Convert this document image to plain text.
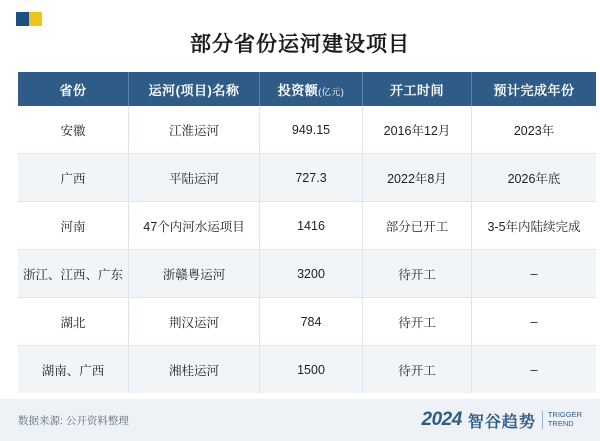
部分省份运河建设项目
省份	运河(项目)名称	投资额(亿元)	开工时间	预计完成年份
安徽	江淮运河	949.15	2016年12月	2023年
广西	平陆运河	727.3	2022年8月	2026年底
河南	47个内河水运项目	1416	部分已开工	3-5年内陆续完成
浙江、江西、广东	浙赣粤运河	3200	待开工	–
湖北	荆汉运河	784	待开工	–
湖南、广西	湘桂运河	1500	待开工	–
数据来源: 公开资料整理	2024 智谷趋势	TRIGGER
TREND
